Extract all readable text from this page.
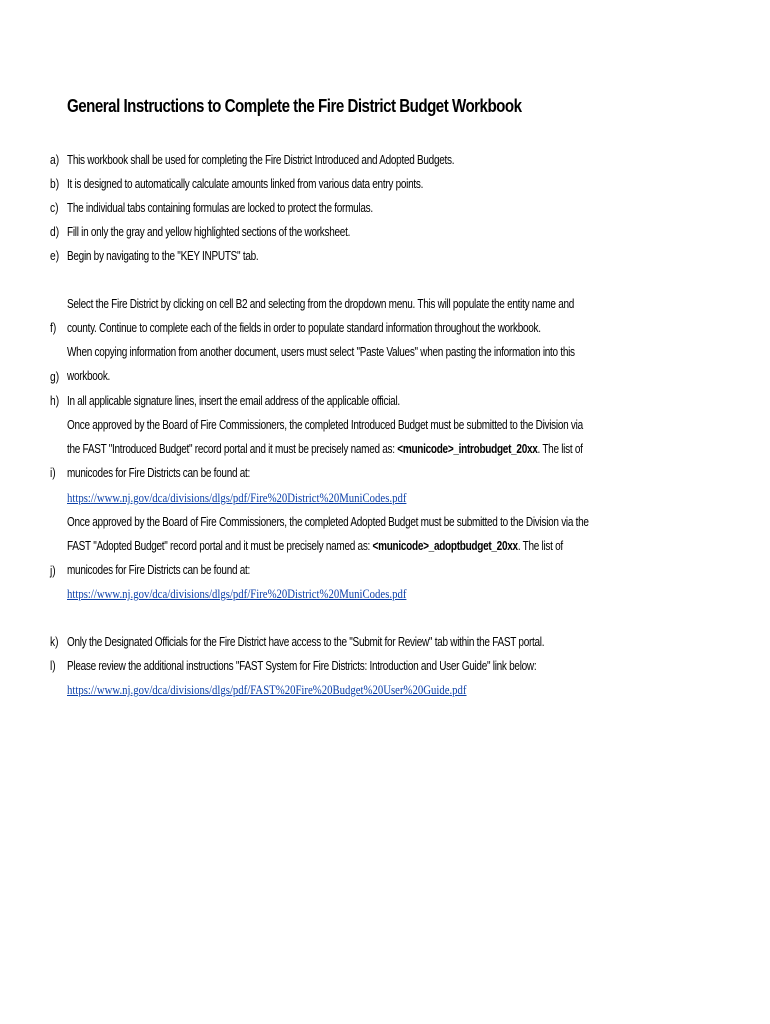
General Instructions to Complete the Fire District Budget Workbook
a) This workbook shall be used for completing the Fire District Introduced and Adopted Budgets.
b) It is designed to automatically calculate amounts linked from various data entry points.
c) The individual tabs containing formulas are locked to protect the formulas.
d) Fill in only the gray and yellow highlighted sections of the worksheet.
e) Begin by navigating to the "KEY INPUTS" tab.
Select the Fire District by clicking on cell B2 and selecting from the dropdown menu. This will populate the entity name and
f) county. Continue to complete each of the fields in order to populate standard information throughout the workbook.
When copying information from another document, users must select "Paste Values" when pasting the information into this
g) workbook.
h) In all applicable signature lines, insert the email address of the applicable official.
Once approved by the Board of Fire Commissioners, the completed Introduced Budget must be submitted to the Division via
the FAST "Introduced Budget" record portal and it must be precisely named as: <municode>_introbudget_20xx. The list of
i) municodes for Fire Districts can be found at:
https://www.nj.gov/dca/divisions/dlgs/pdf/Fire%20District%20MuniCodes.pdf
Once approved by the Board of Fire Commissioners, the completed Adopted Budget must be submitted to the Division via the
FAST "Adopted Budget" record portal and it must be precisely named as: <municode>_adoptbudget_20xx. The list of
j) municodes for Fire Districts can be found at:
https://www.nj.gov/dca/divisions/dlgs/pdf/Fire%20District%20MuniCodes.pdf
k) Only the Designated Officials for the Fire District have access to the "Submit for Review" tab within the FAST portal.
l) Please review the additional instructions "FAST System for Fire Districts: Introduction and User Guide" link below:
https://www.nj.gov/dca/divisions/dlgs/pdf/FAST%20Fire%20Budget%20User%20Guide.pdf
